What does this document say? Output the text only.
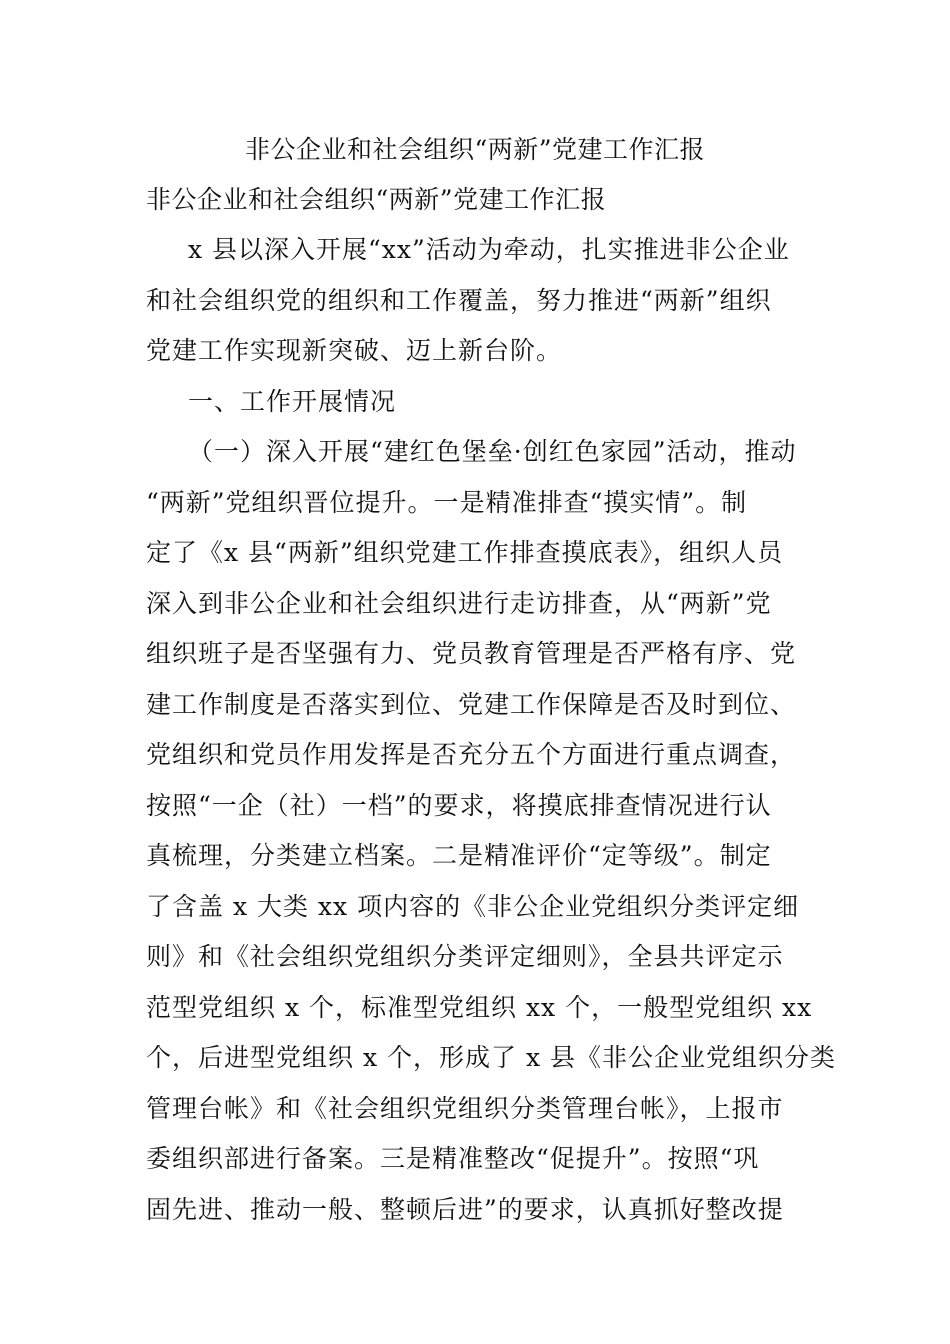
非公企业和社会组织“两新”党建工作汇报
非公企业和社会组织“两新”党建工作汇报
x 县以深入开展“xx”活动为牵动，扎实推进非公企业
和社会组织党的组织和工作覆盖，努力推进“两新”组织
党建工作实现新突破、迈上新台阶。
一、工作开展情况
（一）深入开展“建红色堡垒·创红色家园”活动，推动
“两新”党组织晋位提升。一是精准排查“摸实情”。制
定了《x 县“两新”组织党建工作排查摸底表》，组织人员
深入到非公企业和社会组织进行走访排查，从“两新”党
组织班子是否坚强有力、党员教育管理是否严格有序、党
建工作制度是否落实到位、党建工作保障是否及时到位、
党组织和党员作用发挥是否充分五个方面进行重点调查，
按照“一企（社）一档”的要求，将摸底排查情况进行认
真梳理，分类建立档案。二是精准评价“定等级”。制定
了含盖 x 大类 xx 项内容的《非公企业党组织分类评定细
则》和《社会组织党组织分类评定细则》，全县共评定示
范型党组织 x 个，标准型党组织 xx 个，一般型党组织 xx
个，后进型党组织 x 个，形成了 x 县《非公企业党组织分类
管理台帐》和《社会组织党组织分类管理台帐》，上报市
委组织部进行备案。三是精准整改“促提升”。按照“巩
固先进、推动一般、整顿后进”的要求，认真抓好整改提
